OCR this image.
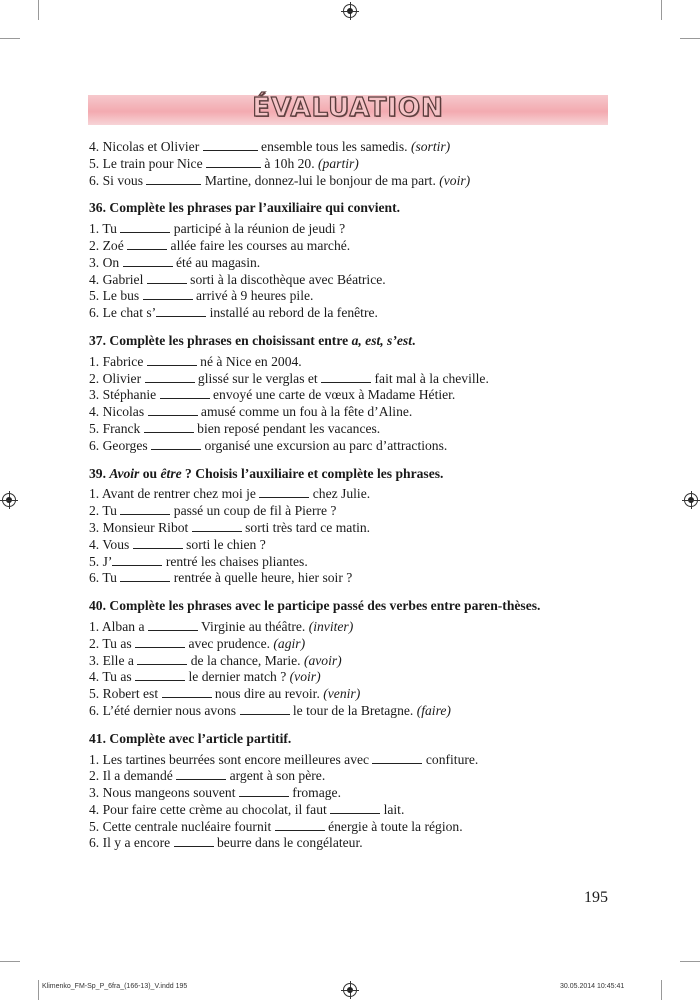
ÉVALUATION
4. Nicolas et Olivier	ensemble tous les samedis. (sortir)
5. Le train pour Nice	à 10h 20. (partir)
6. Si vous	Martine, donnez-lui le bonjour de ma part. (voir)
36. Complète les phrases par l’auxiliaire qui convient.
1. Tu	participé à la réunion de jeudi ?
2. Zoé	allée faire les courses au marché.
3. On	été au magasin.
4. Gabriel	sorti à la discothèque avec Béatrice.
5. Le bus	arrivé à 9 heures pile.
6. Le chat s’	installé au rebord de la fenêtre.
37. Complète les phrases en choisissant entre a, est, s’est.
1. Fabrice	né à Nice en 2004.
2. Olivier	glissé sur le verglas et	fait mal à la cheville.
3. Stéphanie	envoyé une carte de vœux à Madame Hétier.
4. Nicolas	amusé comme un fou à la fête d’Aline.
5. Franck	bien reposé pendant les vacances.
6. Georges	organisé une excursion au parc d’attractions.
39. Avoir ou être ? Choisis l’auxiliaire et complète les phrases.
1. Avant de rentrer chez moi je	chez Julie.
2. Tu	passé un coup de fil à Pierre ?
3. Monsieur Ribot	sorti très tard ce matin.
4. Vous	sorti le chien ?
5. J’	rentré les chaises pliantes.
6. Tu	rentrée à quelle heure, hier soir ?
40. Complète les phrases avec le participe passé des verbes entre paren-thèses.
1. Alban a	Virginie au théâtre. (inviter)
2. Tu as	avec prudence. (agir)
3. Elle a	de la chance, Marie. (avoir)
4. Tu as	le dernier match ? (voir)
5. Robert est	nous dire au revoir. (venir)
6. L’été dernier nous avons	le tour de la Bretagne. (faire)
41. Complète avec l’article partitif.
1. Les tartines beurrées sont encore meilleures avec	confiture.
2. Il a demandé	argent à son père.
3. Nous mangeons souvent	fromage.
4. Pour faire cette crème au chocolat, il faut	lait.
5. Cette centrale nucléaire fournit	énergie à toute la région.
6. Il y a encore	beurre dans le congélateur.
195
Klimenko_FM-Sp_P_6fra_(166-13)_V.indd 195	30.05.2014 10:45:41
